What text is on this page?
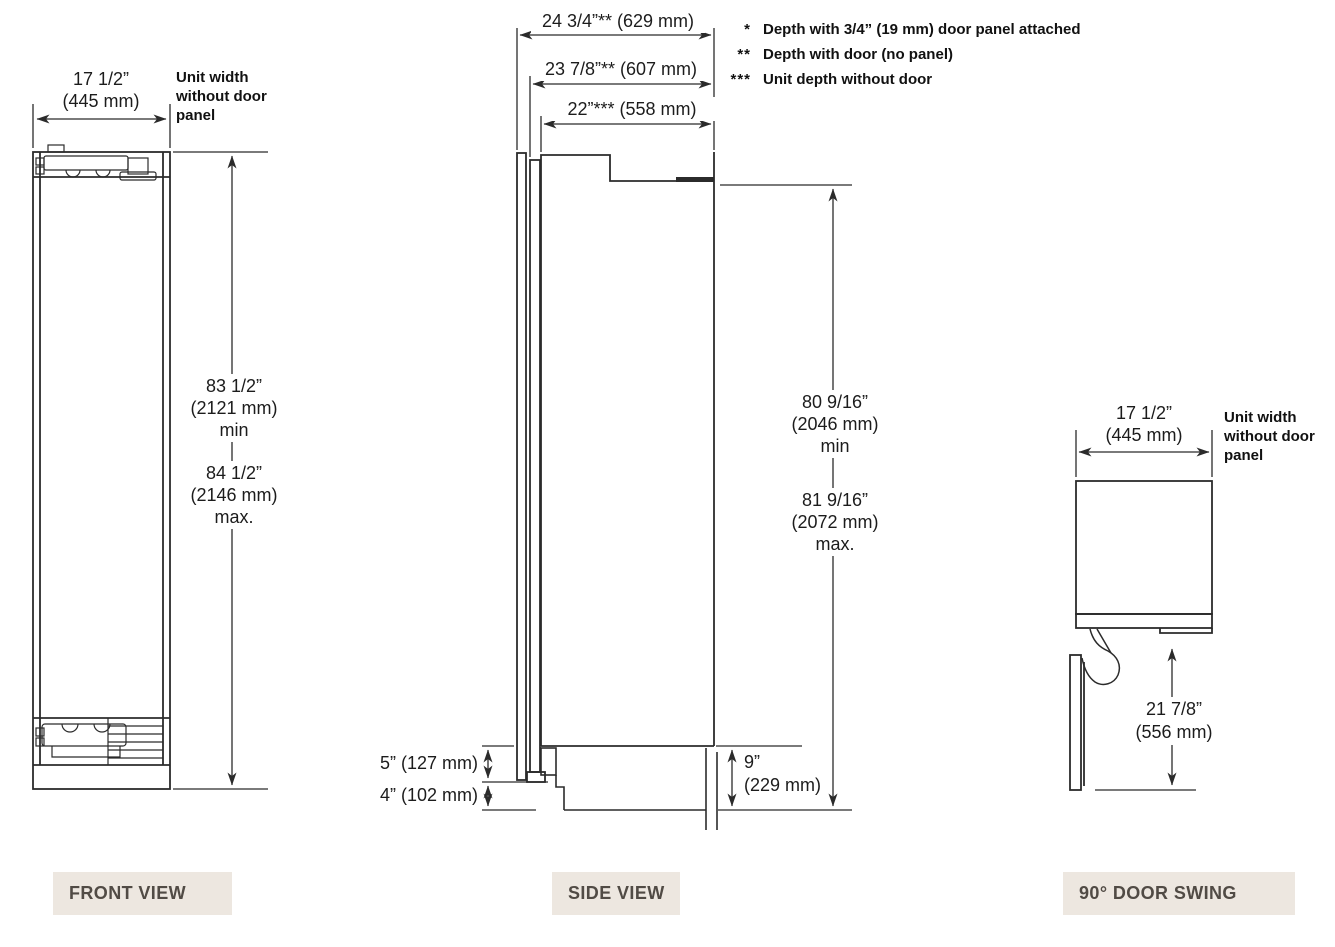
17 1/2”
(445 mm)
Unit width
without door
panel
83 1/2”
(2121 mm)
min
84 1/2”
(2146 mm)
max.
24 3/4”** (629 mm)
23 7/8”** (607 mm)
22”*** (558 mm)
* Depth with 3/4” (19 mm) door panel attached
** Depth with door (no panel)
*** Unit depth without door
80 9/16”
(2046 mm)
min
81 9/16”
(2072 mm)
max.
5” (127 mm)
4” (102 mm)
9”
(229 mm)
17 1/2”
(445 mm)
Unit width
without door
panel
21 7/8”
(556 mm)
FRONT VIEW	SIDE VIEW	90° DOOR SWING
